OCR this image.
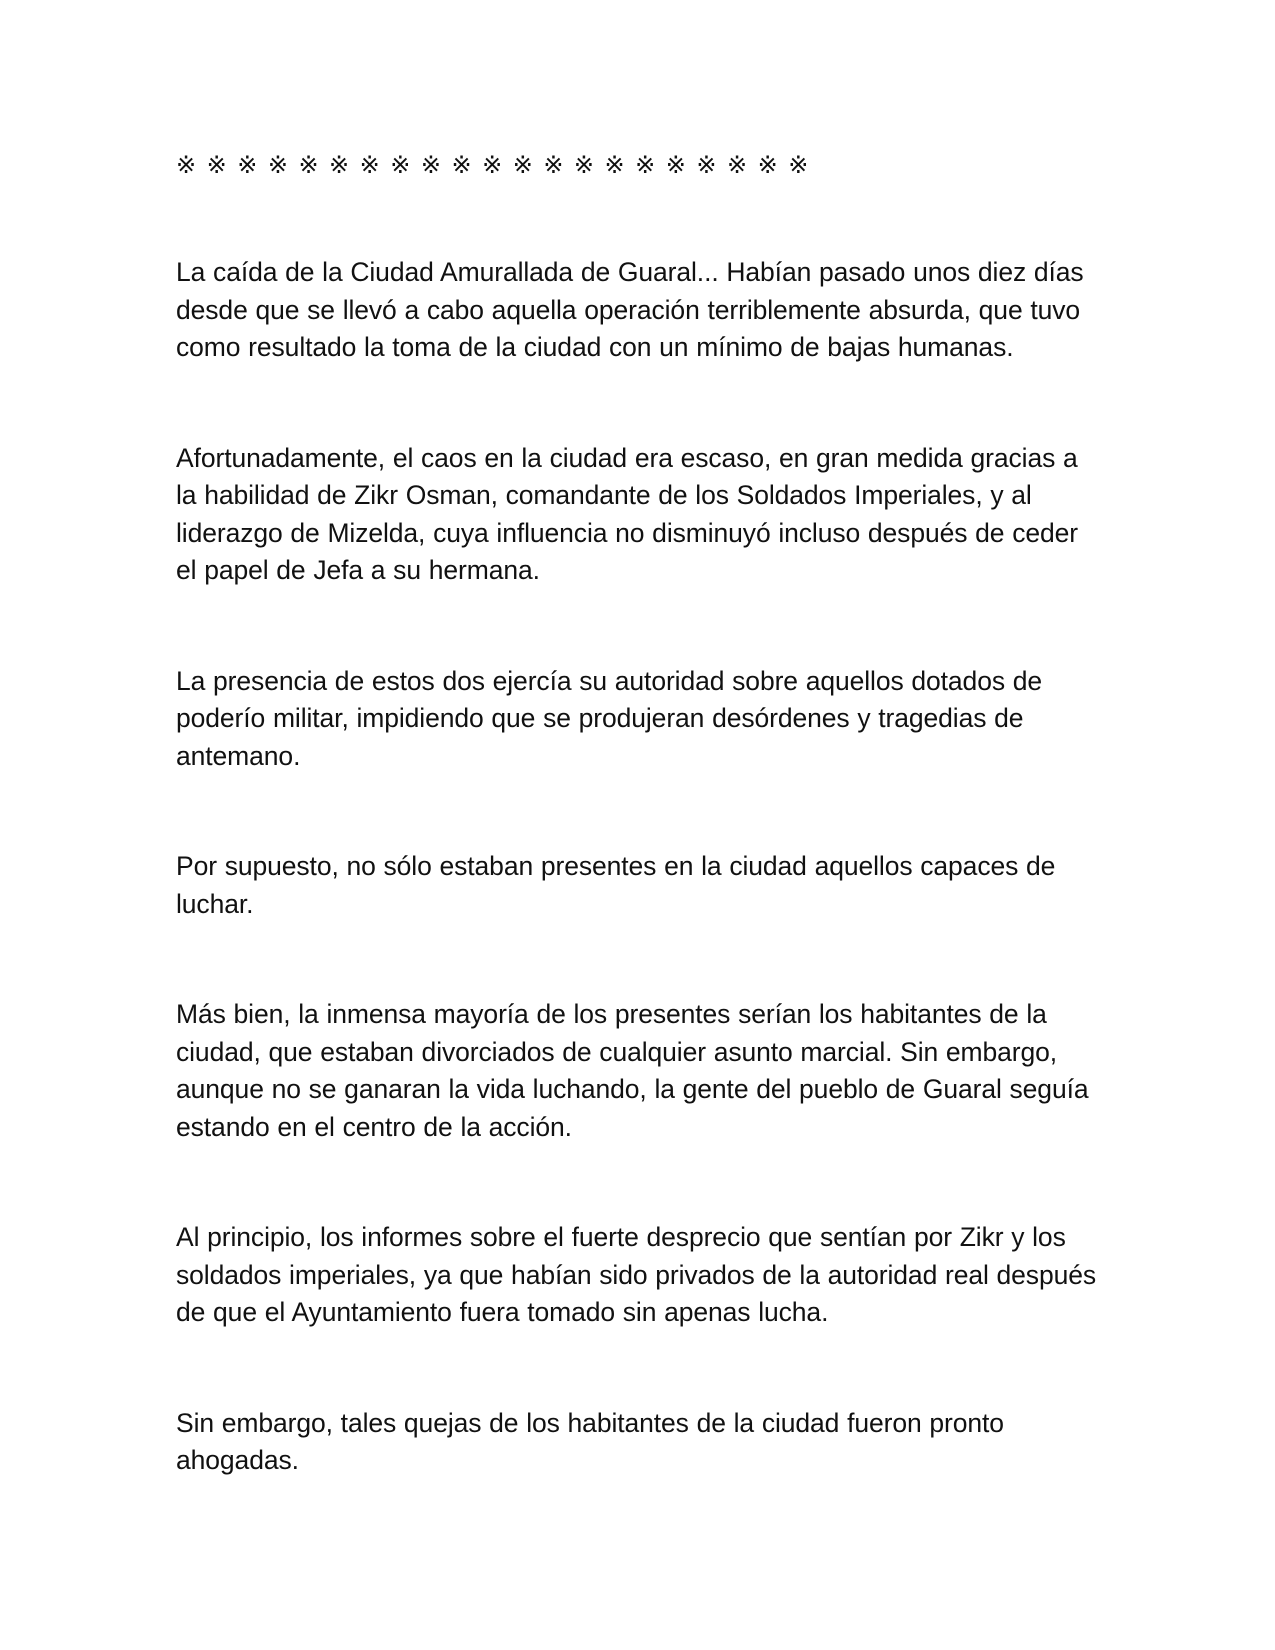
※※※※※※※※※※※※※※※※※※※※※

La caída de la Ciudad Amurallada de Guaral... Habían pasado unos diez días desde que se llevó a cabo aquella operación terriblemente absurda, que tuvo como resultado la toma de la ciudad con un mínimo de bajas humanas.

Afortunadamente, el caos en la ciudad era escaso, en gran medida gracias a la habilidad de Zikr Osman, comandante de los Soldados Imperiales, y al liderazgo de Mizelda, cuya influencia no disminuyó incluso después de ceder el papel de Jefa a su hermana.

La presencia de estos dos ejercía su autoridad sobre aquellos dotados de poderío militar, impidiendo que se produjeran desórdenes y tragedias de antemano.

Por supuesto, no sólo estaban presentes en la ciudad aquellos capaces de luchar.

Más bien, la inmensa mayoría de los presentes serían los habitantes de la ciudad, que estaban divorciados de cualquier asunto marcial. Sin embargo, aunque no se ganaran la vida luchando, la gente del pueblo de Guaral seguía estando en el centro de la acción.

Al principio, los informes sobre el fuerte desprecio que sentían por Zikr y los soldados imperiales, ya que habían sido privados de la autoridad real después de que el Ayuntamiento fuera tomado sin apenas lucha.

Sin embargo, tales quejas de los habitantes de la ciudad fueron pronto ahogadas.
